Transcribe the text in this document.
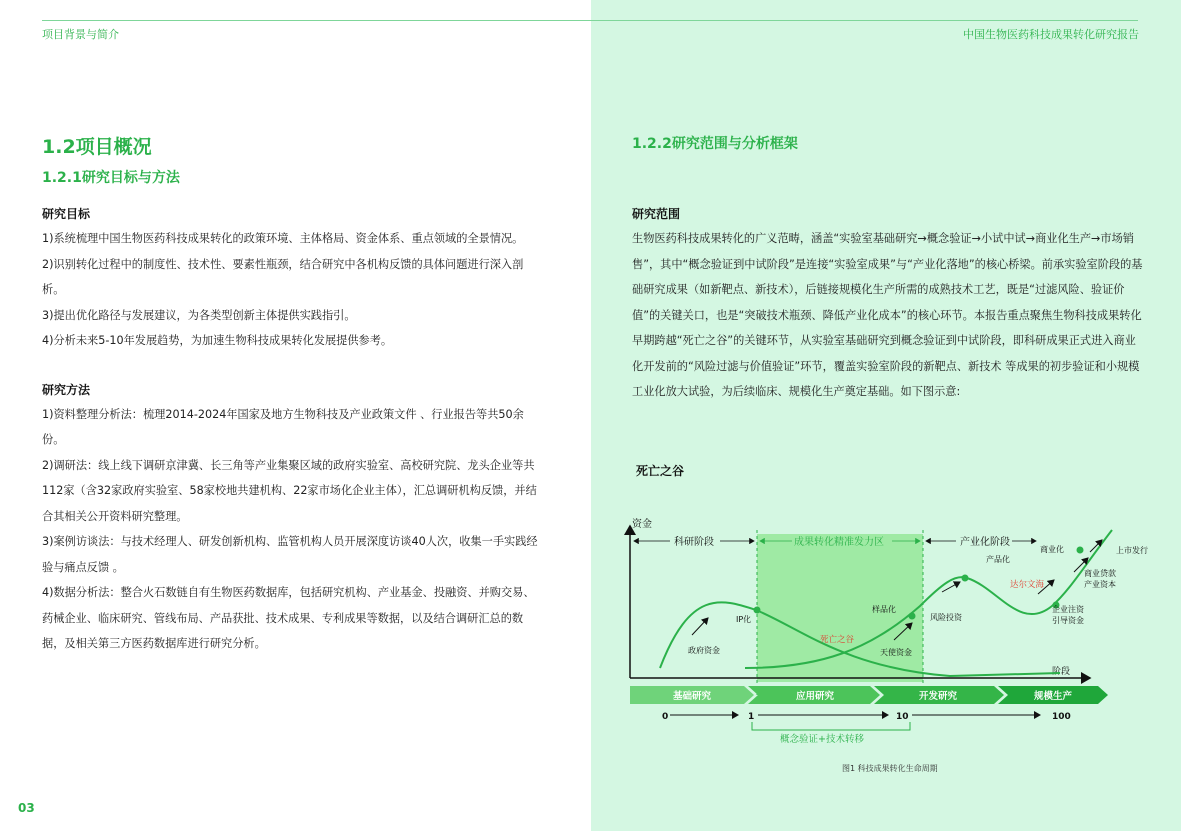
项目背景与简介	中国生物医药科技成果转化研究报告
1.2项目概况
1.2.1研究目标与方法
研究目标

1)系统梳理中国生物医药科技成果转化的政策环境、主体格局、资金体系、重点领域的全景情况。

2)识别转化过程中的制度性、技术性、要素性瓶颈，结合研究中各机构反馈的具体问题进行深入剖析。

3)提出优化路径与发展建议，为各类型创新主体提供实践指引。

4)分析未来5-10年发展趋势，为加速生物科技成果转化发展提供参考。

研究方法

1)资料整理分析法：梳理2014-2024年国家及地方生物科技及产业政策文件 、行业报告等共50余份。

2)调研法：线上线下调研京津冀、长三角等产业集聚区域的政府实验室、高校研究院、龙头企业等共112家（含32家政府实验室、58家校地共建机构、22家市场化企业主体），汇总调研机构反馈，并结合其相关公开资料研究整理。

3)案例访谈法：与技术经理人、研发创新机构、监管机构人员开展深度访谈40人次，收集一手实践经验与痛点反馈 。

4)数据分析法：整合火石数链自有生物医药数据库，包括研究机构、产业基金、投融资、并购交易、药械企业、临床研究、管线布局、产品获批、技术成果、专利成果等数据，以及结合调研汇总的数据，及相关第三方医药数据库进行研究分析。

1.2.2研究范围与分析框架
研究范围

生物医药科技成果转化的广义范畴，涵盖“实验室基础研究→概念验证→小试中试→商业化生产→市场销售”，其中“概念验证到中试阶段”是连接“实验室成果”与“产业化落地”的核心桥梁。前承实验室阶段的基础研究成果（如新靶点、新技术），后链接规模化生产所需的成熟技术工艺，既是“过滤风险、验证价值”的关键关口，也是“突破技术瓶颈、降低产业化成本”的核心环节。本报告重点聚焦生物科技成果转化早期跨越“死亡之谷”的关键环节，从实验室基础研究到概念验证到中试阶段，即科研成果正式进入商业化开发前的“风险过滤与价值验证”环节，覆盖实验室阶段的新靶点、新技术 等成果的初步验证和小规模工业化放大试验，为后续临床、规模化生产奠定基础。如下图示意:

死亡之谷
资金
阶段
科研阶段	成果转化精准发力区	产业化阶段
政府资金
IP化
死亡之谷
样品化
天使资金
风险投资
产品化
达尔文海
商业化	上市发行
商业贷款 产业资本
企业注资 引导资金
基础研究	应用研究	开发研究	规模生产
0	1	10	100
概念验证+技术转移
图1 科技成果转化生命周期
03
